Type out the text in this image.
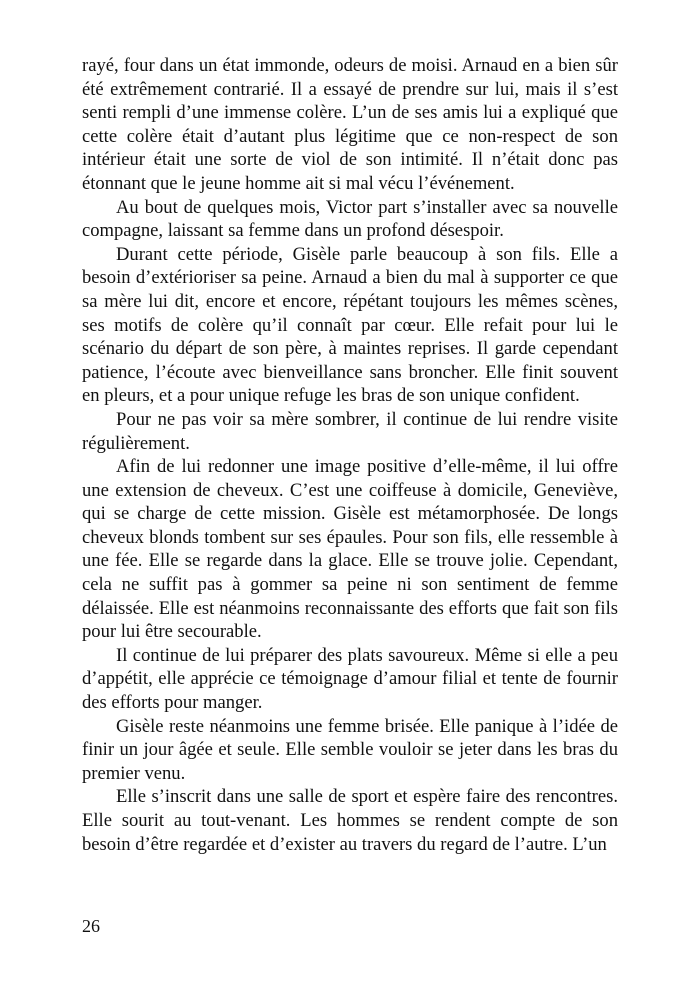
rayé, four dans un état immonde, odeurs de moisi. Arnaud en a bien sûr été extrêmement contrarié. Il a essayé de prendre sur lui, mais il s’est senti rempli d’une immense colère. L’un de ses amis lui a expliqué que cette colère était d’autant plus légitime que ce non-respect de son intérieur était une sorte de viol de son intimité. Il n’était donc pas étonnant que le jeune homme ait si mal vécu l’événement.

Au bout de quelques mois, Victor part s’installer avec sa nouvelle compagne, laissant sa femme dans un profond désespoir.

Durant cette période, Gisèle parle beaucoup à son fils. Elle a besoin d’extérioriser sa peine. Arnaud a bien du mal à supporter ce que sa mère lui dit, encore et encore, répétant toujours les mêmes scènes, ses motifs de colère qu’il connaît par cœur. Elle refait pour lui le scénario du départ de son père, à maintes reprises. Il garde cependant patience, l’écoute avec bienveillance sans broncher. Elle finit souvent en pleurs, et a pour unique refuge les bras de son unique confident.

Pour ne pas voir sa mère sombrer, il continue de lui rendre visite régulièrement.

Afin de lui redonner une image positive d’elle-même, il lui offre une extension de cheveux. C’est une coiffeuse à domicile, Geneviève, qui se charge de cette mission. Gisèle est métamorphosée. De longs cheveux blonds tombent sur ses épaules. Pour son fils, elle ressemble à une fée. Elle se regarde dans la glace. Elle se trouve jolie. Cependant, cela ne suffit pas à gommer sa peine ni son sentiment de femme délaissée. Elle est néanmoins reconnaissante des efforts que fait son fils pour lui être secourable.

Il continue de lui préparer des plats savoureux. Même si elle a peu d’appétit, elle apprécie ce témoignage d’amour filial et tente de fournir des efforts pour manger.

Gisèle reste néanmoins une femme brisée. Elle panique à l’idée de finir un jour âgée et seule. Elle semble vouloir se jeter dans les bras du premier venu.

Elle s’inscrit dans une salle de sport et espère faire des rencontres. Elle sourit au tout-venant. Les hommes se rendent compte de son besoin d’être regardée et d’exister au travers du regard de l’autre. L’un

26
